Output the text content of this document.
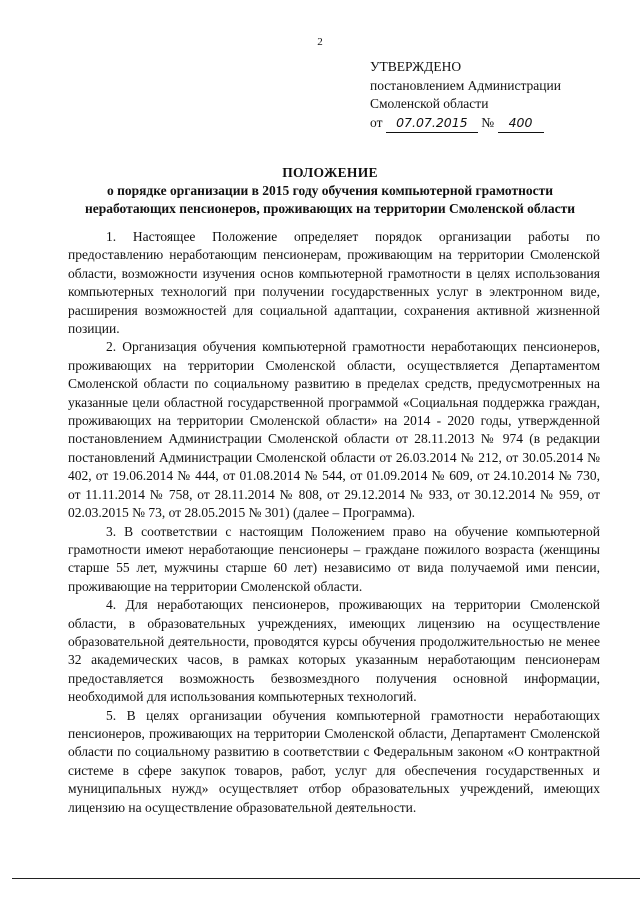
2
УТВЕРЖДЕНО
постановлением Администрации
Смоленской области
от 07.07.2015 № 400
ПОЛОЖЕНИЕ
о порядке организации в 2015 году обучения компьютерной грамотности
неработающих пенсионеров, проживающих на территории Смоленской области

1. Настоящее Положение определяет порядок организации работы по предоставлению неработающим пенсионерам, проживающим на территории Смоленской области, возможности изучения основ компьютерной грамотности в целях использования компьютерных технологий при получении государственных услуг в электронном виде, расширения возможностей для социальной адаптации, сохранения активной жизненной позиции.

2. Организация обучения компьютерной грамотности неработающих пенсионеров, проживающих на территории Смоленской области, осуществляется Департаментом Смоленской области по социальному развитию в пределах средств, предусмотренных на указанные цели областной государственной программой «Социальная поддержка граждан, проживающих на территории Смоленской области» на 2014 - 2020 годы, утвержденной постановлением Администрации Смоленской области от 28.11.2013 № 974 (в редакции постановлений Администрации Смоленской области от 26.03.2014 № 212, от 30.05.2014 № 402, от 19.06.2014 № 444, от 01.08.2014 № 544, от 01.09.2014 № 609, от 24.10.2014 № 730, от 11.11.2014 № 758, от 28.11.2014 № 808, от 29.12.2014 № 933, от 30.12.2014 № 959, от 02.03.2015 № 73, от 28.05.2015 № 301) (далее – Программа).

3. В соответствии с настоящим Положением право на обучение компьютерной грамотности имеют неработающие пенсионеры – граждане пожилого возраста (женщины старше 55 лет, мужчины старше 60 лет) независимо от вида получаемой ими пенсии, проживающие на территории Смоленской области.

4. Для неработающих пенсионеров, проживающих на территории Смоленской области, в образовательных учреждениях, имеющих лицензию на осуществление образовательной деятельности, проводятся курсы обучения продолжительностью не менее 32 академических часов, в рамках которых указанным неработающим пенсионерам предоставляется возможность безвозмездного получения основной информации, необходимой для использования компьютерных технологий.

5. В целях организации обучения компьютерной грамотности неработающих пенсионеров, проживающих на территории Смоленской области, Департамент Смоленской области по социальному развитию в соответствии с Федеральным законом «О контрактной системе в сфере закупок товаров, работ, услуг для обеспечения государственных и муниципальных нужд» осуществляет отбор образовательных учреждений, имеющих лицензию на осуществление образовательной деятельности.
